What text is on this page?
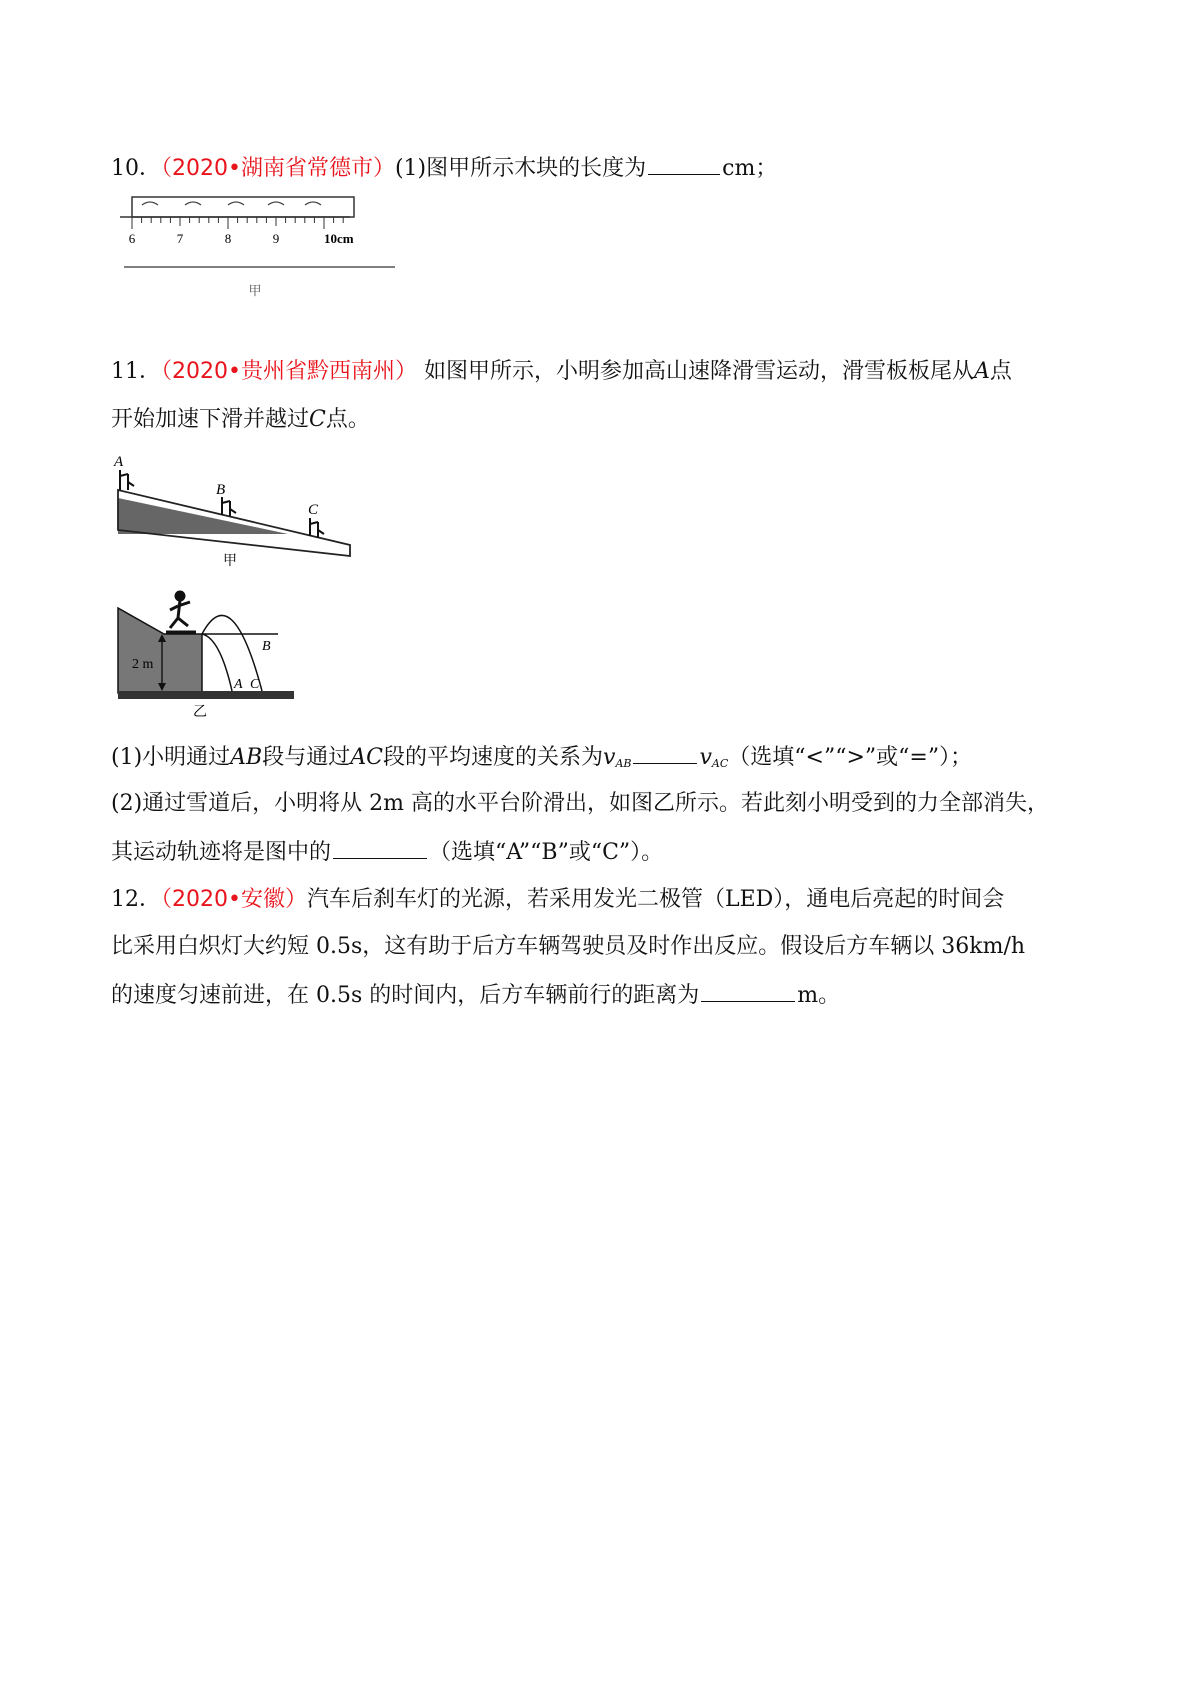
10．（2020•湖南省常德市）(1)图甲所示木块的长度为	cm；
6	7	8	9	10cm
甲
11．（2020•贵州省黔西南州） 如图甲所示，小明参加高山速降滑雪运动，滑雪板板尾从A点
开始加速下滑并越过C点。
A
B
C
甲
2 m
A
B
C
乙
(1)小明通过AB段与通过AC段的平均速度的关系为$v_{AB}$	$v_{AC}$（选填“<”“>”或“=”）；
(2)通过雪道后，小明将从 2m 高的水平台阶滑出，如图乙所示。若此刻小明受到的力全部消失，
其运动轨迹将是图中的	（选填“A”“B”或“C”）。
12．（2020•安徽）汽车后刹车灯的光源，若采用发光二极管（LED），通电后亮起的时间会
比采用白炽灯大约短 0.5s，这有助于后方车辆驾驶员及时作出反应。假设后方车辆以 36km/h
的速度匀速前进，在 0.5s 的时间内，后方车辆前行的距离为	m。
